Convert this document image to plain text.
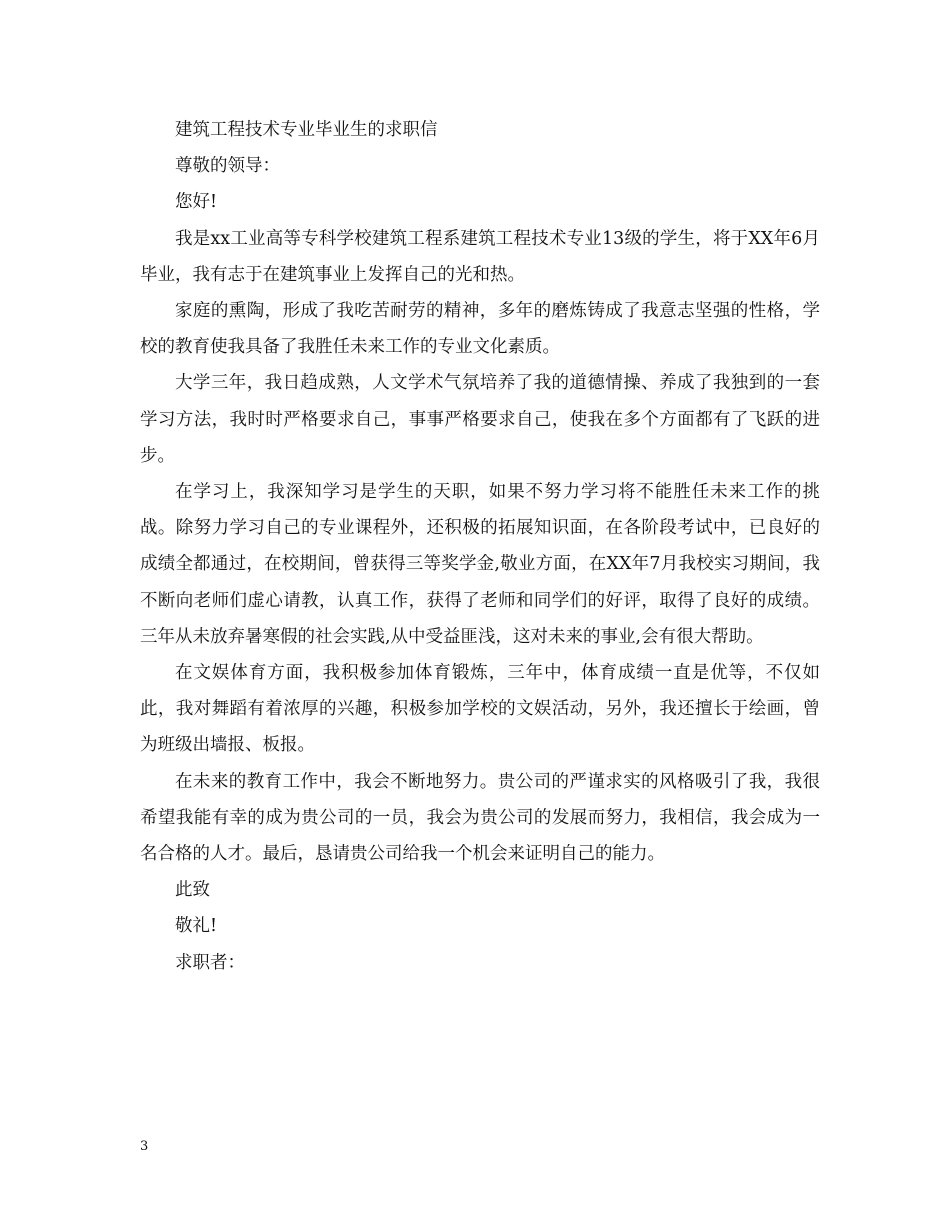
建筑工程技术专业毕业生的求职信

尊敬的领导：

您好!

我是xx工业高等专科学校建筑工程系建筑工程技术专业13级的学生，将于XX年6月毕业，我有志于在建筑事业上发挥自己的光和热。

家庭的熏陶，形成了我吃苦耐劳的精神，多年的磨炼铸成了我意志坚强的性格，学校的教育使我具备了我胜任未来工作的专业文化素质。

大学三年，我日趋成熟，人文学术气氛培养了我的道德情操、养成了我独到的一套学习方法，我时时严格要求自己，事事严格要求自己，使我在多个方面都有了飞跃的进步。

在学习上，我深知学习是学生的天职，如果不努力学习将不能胜任未来工作的挑战。除努力学习自己的专业课程外，还积极的拓展知识面，在各阶段考试中，已良好的成绩全都通过，在校期间，曾获得三等奖学金,敬业方面，在XX年7月我校实习期间，我不断向老师们虚心请教，认真工作，获得了老师和同学们的好评，取得了良好的成绩。三年从未放弃暑寒假的社会实践,从中受益匪浅，这对未来的事业,会有很大帮助。

在文娱体育方面，我积极参加体育锻炼，三年中，体育成绩一直是优等，不仅如此，我对舞蹈有着浓厚的兴趣，积极参加学校的文娱活动，另外，我还擅长于绘画，曾为班级出墙报、板报。

在未来的教育工作中，我会不断地努力。贵公司的严谨求实的风格吸引了我，我很希望我能有幸的成为贵公司的一员，我会为贵公司的发展而努力，我相信，我会成为一名合格的人才。最后，恳请贵公司给我一个机会来证明自己的能力。

此致

敬礼!

求职者：

3
